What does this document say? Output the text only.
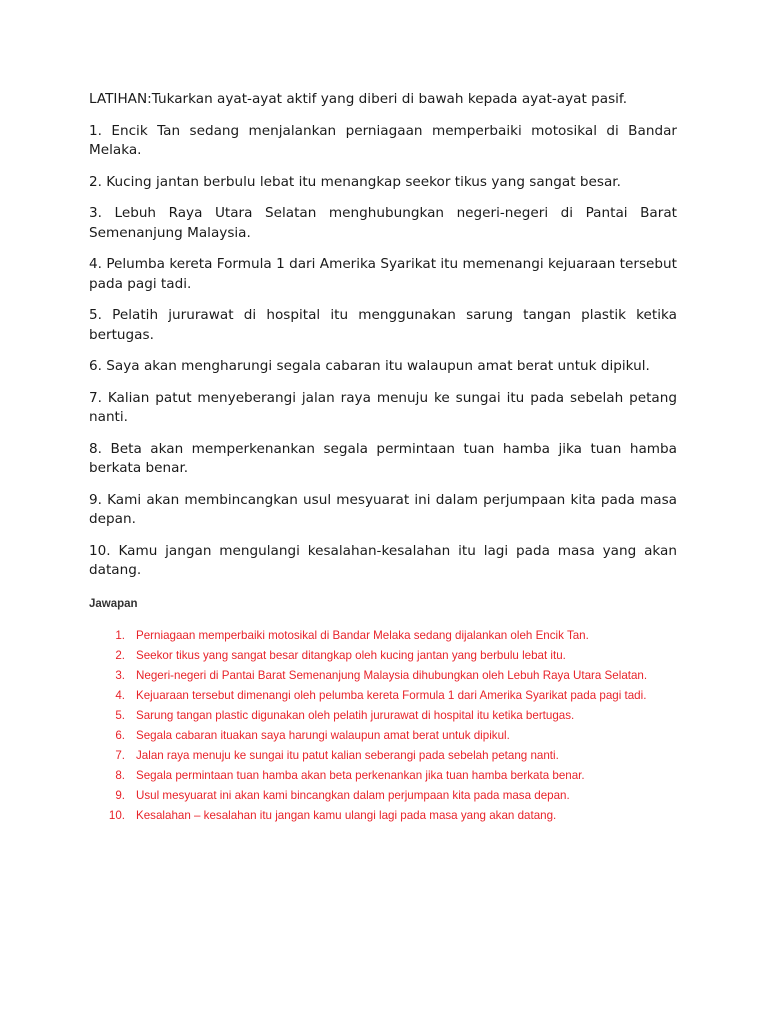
LATIHAN:Tukarkan ayat-ayat aktif yang diberi di bawah kepada ayat-ayat pasif.

1. Encik Tan sedang menjalankan perniagaan memperbaiki motosikal di Bandar Melaka.

2. Kucing jantan berbulu lebat itu menangkap seekor tikus yang sangat besar.

3. Lebuh Raya Utara Selatan menghubungkan negeri-negeri di Pantai Barat Semenanjung Malaysia.

4. Pelumba kereta Formula 1 dari Amerika Syarikat itu memenangi kejuaraan tersebut pada pagi tadi.

5. Pelatih jururawat di hospital itu menggunakan sarung tangan plastik ketika bertugas.

6. Saya akan mengharungi segala cabaran itu walaupun amat berat untuk dipikul.

7. Kalian patut menyeberangi jalan raya menuju ke sungai itu pada sebelah petang nanti.

8. Beta akan memperkenankan segala permintaan tuan hamba jika tuan hamba berkata benar.

9. Kami akan membincangkan usul mesyuarat ini dalam perjumpaan kita pada masa depan.

10. Kamu jangan mengulangi kesalahan-kesalahan itu lagi pada masa yang akan datang.

Jawapan
1. Perniagaan memperbaiki motosikal di Bandar Melaka sedang dijalankan oleh Encik Tan.
2. Seekor tikus yang sangat besar ditangkap oleh kucing jantan yang berbulu lebat itu.
3. Negeri-negeri di Pantai Barat Semenanjung Malaysia dihubungkan oleh Lebuh Raya Utara Selatan.
4. Kejuaraan tersebut dimenangi oleh pelumba kereta Formula 1 dari Amerika Syarikat pada pagi tadi.
5. Sarung tangan plastic digunakan oleh pelatih jururawat di hospital itu ketika bertugas.
6. Segala cabaran ituakan saya harungi walaupun amat berat untuk dipikul.
7. Jalan raya menuju ke sungai itu patut kalian seberangi pada sebelah petang nanti.
8. Segala permintaan tuan hamba akan beta perkenankan jika tuan hamba berkata benar.
9. Usul mesyuarat ini akan kami bincangkan dalam perjumpaan kita pada masa depan.
10. Kesalahan – kesalahan itu jangan kamu ulangi lagi pada masa yang akan datang.
